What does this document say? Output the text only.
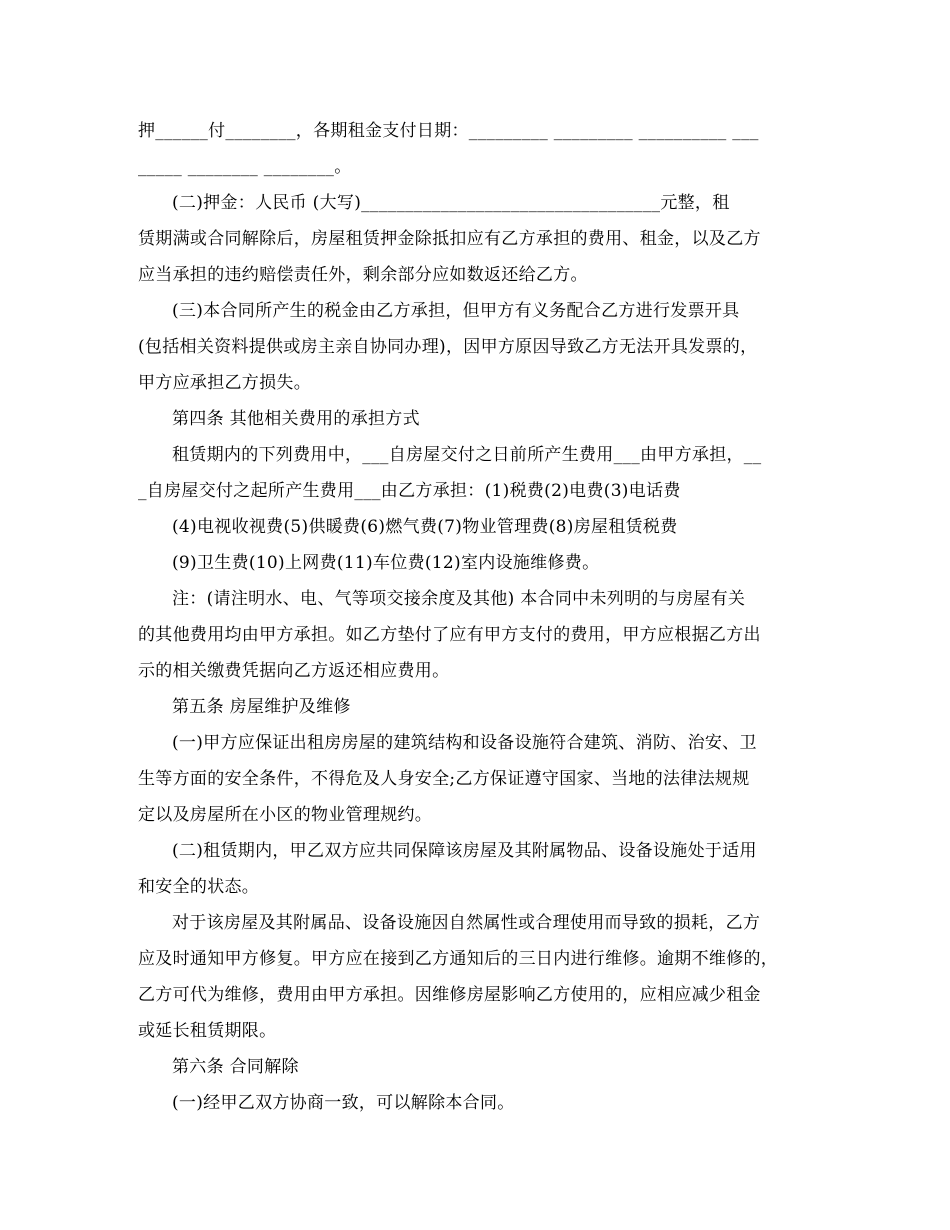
押______付________，各期租金支付日期：_________ _________ __________ ___
_____ ________ ________。
(二)押金：人民币 (大写)__________________________________元整，租
赁期满或合同解除后，房屋租赁押金除抵扣应有乙方承担的费用、租金，以及乙方
应当承担的违约赔偿责任外，剩余部分应如数返还给乙方。
(三)本合同所产生的税金由乙方承担，但甲方有义务配合乙方进行发票开具
(包括相关资料提供或房主亲自协同办理)，因甲方原因导致乙方无法开具发票的，
甲方应承担乙方损失。
第四条 其他相关费用的承担方式
租赁期内的下列费用中，___自房屋交付之日前所产生费用___由甲方承担，__
_自房屋交付之起所产生费用___由乙方承担：(1)税费(2)电费(3)电话费
(4)电视收视费(5)供暖费(6)燃气费(7)物业管理费(8)房屋租赁税费
(9)卫生费(10)上网费(11)车位费(12)室内设施维修费。
注：(请注明水、电、气等项交接余度及其他) 本合同中未列明的与房屋有关
的其他费用均由甲方承担。如乙方垫付了应有甲方支付的费用，甲方应根据乙方出
示的相关缴费凭据向乙方返还相应费用。
第五条 房屋维护及维修
(一)甲方应保证出租房房屋的建筑结构和设备设施符合建筑、消防、治安、卫
生等方面的安全条件，不得危及人身安全;乙方保证遵守国家、当地的法律法规规
定以及房屋所在小区的物业管理规约。
(二)租赁期内，甲乙双方应共同保障该房屋及其附属物品、设备设施处于适用
和安全的状态。
对于该房屋及其附属品、设备设施因自然属性或合理使用而导致的损耗，乙方
应及时通知甲方修复。甲方应在接到乙方通知后的三日内进行维修。逾期不维修的，
乙方可代为维修，费用由甲方承担。因维修房屋影响乙方使用的，应相应减少租金
或延长租赁期限。
第六条 合同解除
(一)经甲乙双方协商一致，可以解除本合同。
